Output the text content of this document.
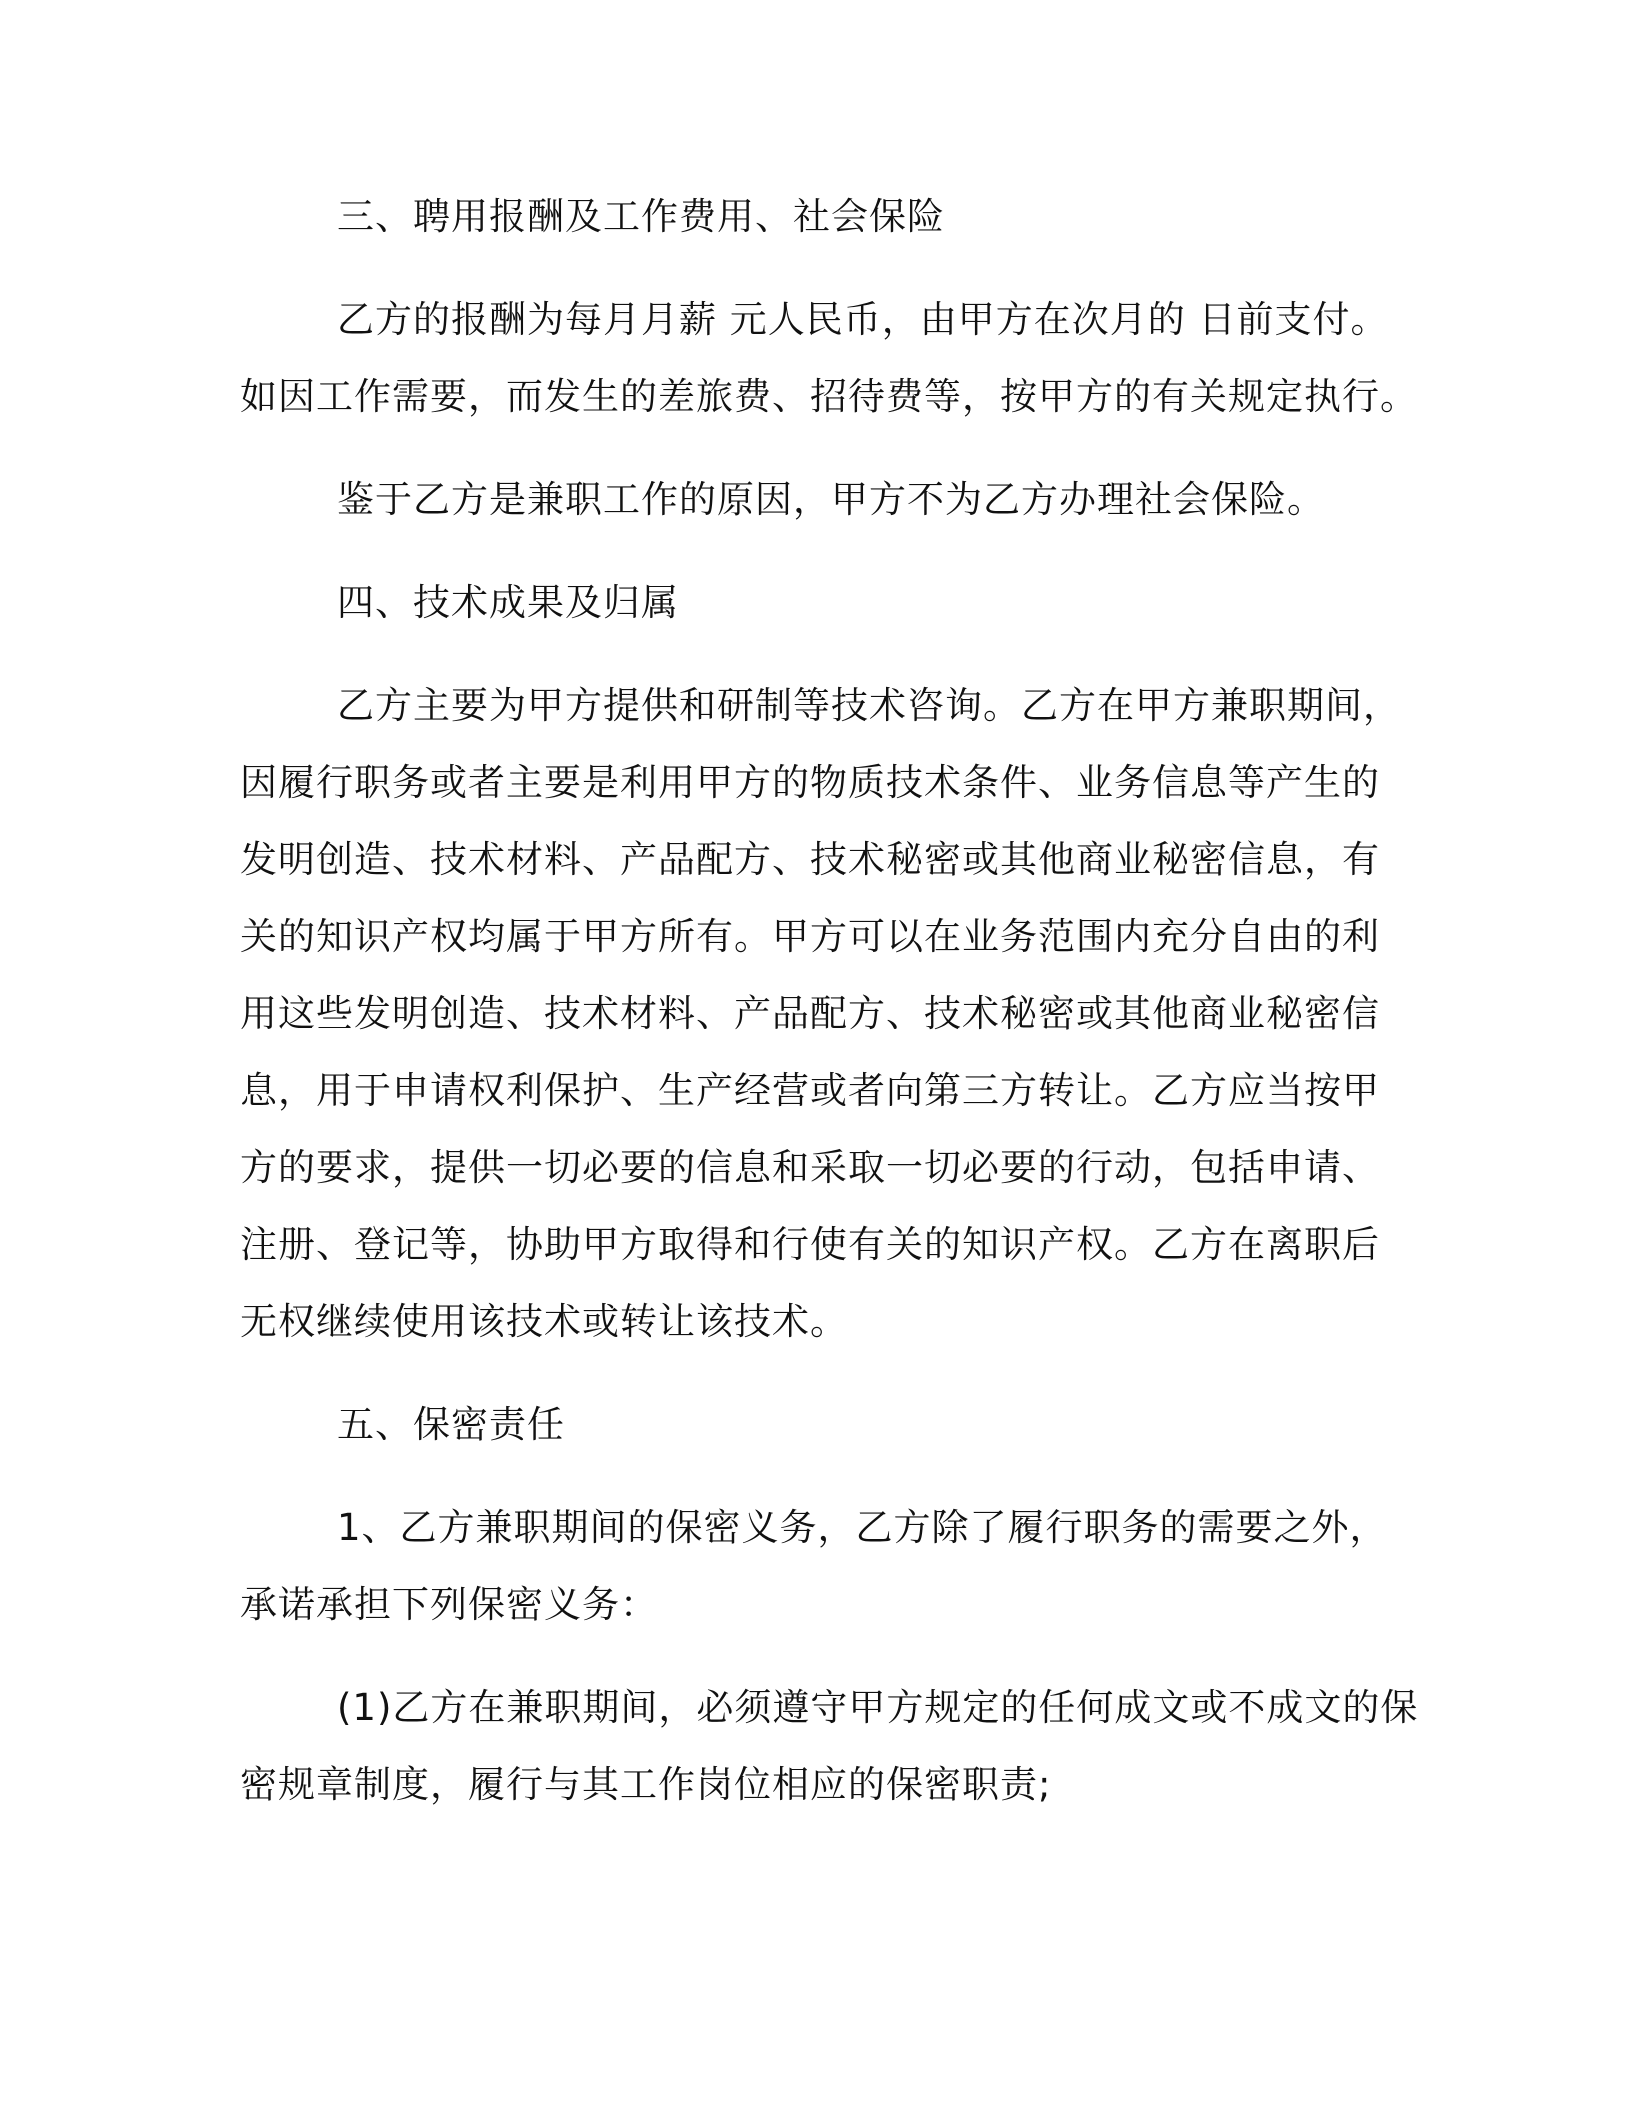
三、聘用报酬及工作费用、社会保险
乙方的报酬为每月月薪 元人民币，由甲方在次月的 日前支付。
如因工作需要，而发生的差旅费、招待费等，按甲方的有关规定执行。
鉴于乙方是兼职工作的原因，甲方不为乙方办理社会保险。
四、技术成果及归属
乙方主要为甲方提供和研制等技术咨询。乙方在甲方兼职期间，
因履行职务或者主要是利用甲方的物质技术条件、业务信息等产生的
发明创造、技术材料、产品配方、技术秘密或其他商业秘密信息，有
关的知识产权均属于甲方所有。甲方可以在业务范围内充分自由的利
用这些发明创造、技术材料、产品配方、技术秘密或其他商业秘密信
息，用于申请权利保护、生产经营或者向第三方转让。乙方应当按甲
方的要求，提供一切必要的信息和采取一切必要的行动，包括申请、
注册、登记等，协助甲方取得和行使有关的知识产权。乙方在离职后
无权继续使用该技术或转让该技术。
五、保密责任
1、乙方兼职期间的保密义务，乙方除了履行职务的需要之外，
承诺承担下列保密义务：
(1)乙方在兼职期间，必须遵守甲方规定的任何成文或不成文的保
密规章制度，履行与其工作岗位相应的保密职责;
